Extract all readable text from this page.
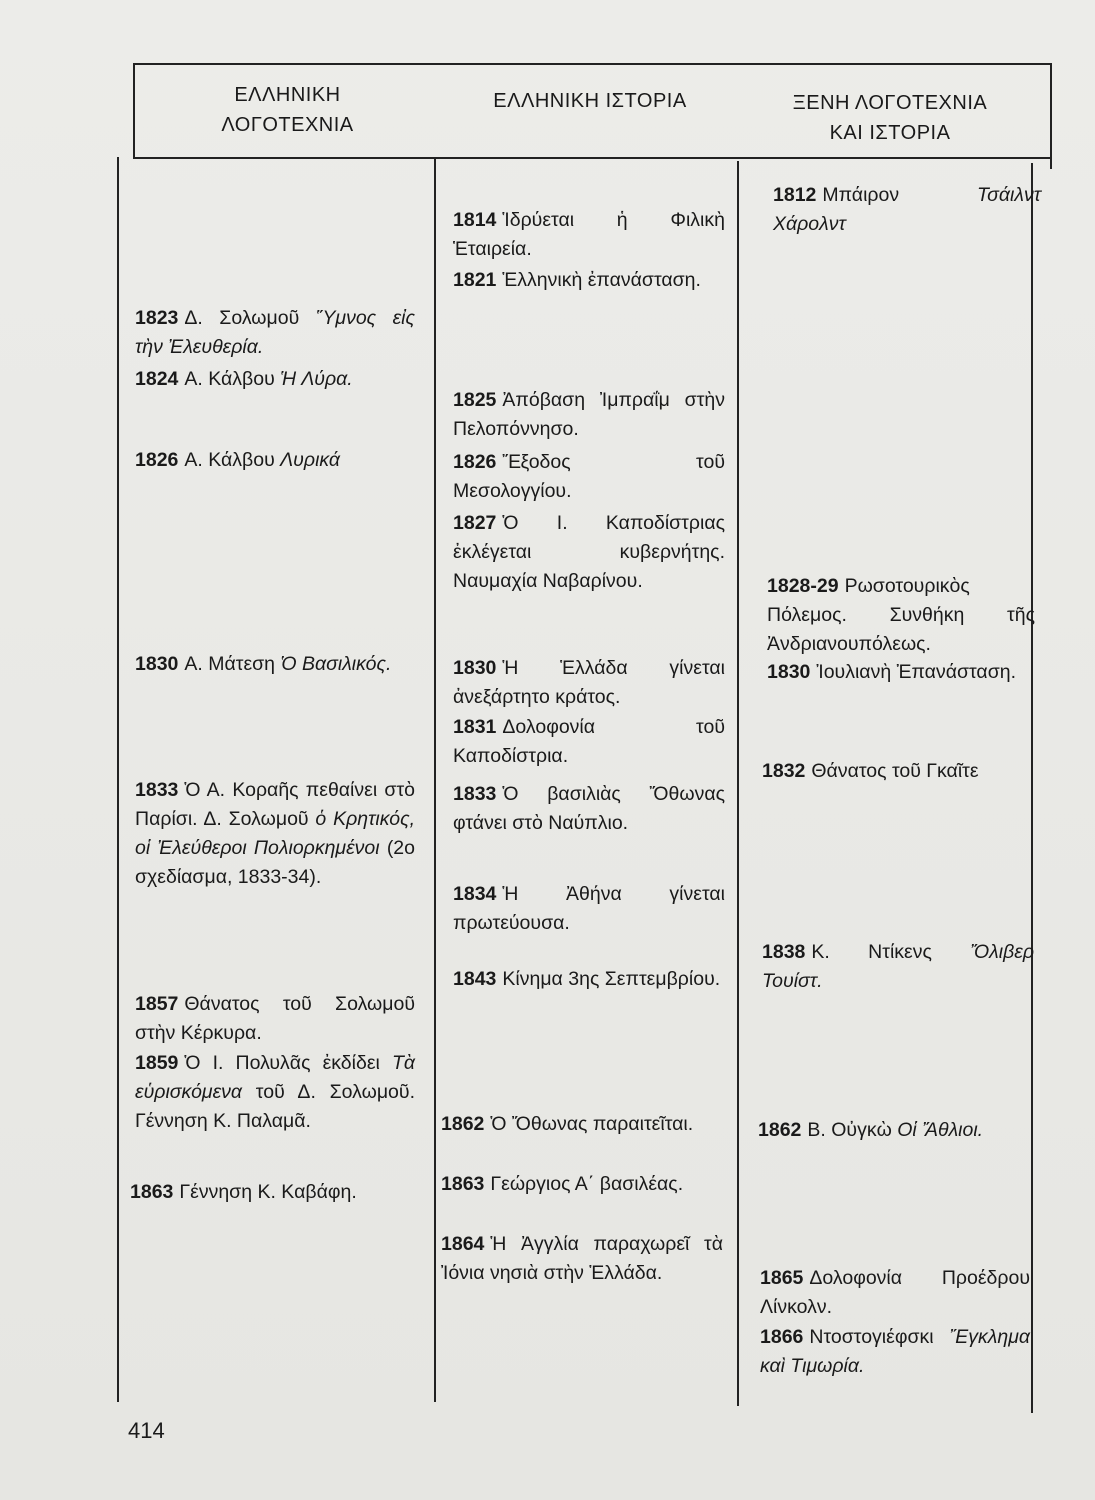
ΕΛΛΗΝΙΚΗ
ΛΟΓΟΤΕΧΝΙΑ
ΕΛΛΗΝΙΚΗ ΙΣΤΟΡΙΑ	ΞΕΝΗ ΛΟΓΟΤΕΧΝΙΑ
ΚΑΙ ΙΣΤΟΡΙΑ
1823 Δ. Σολωμοῦ Ὕμνος εἰς τὴν Ἐλευθερία.
1824 Α. Κάλβου Ἡ Λύρα.
1826 Α. Κάλβου Λυρικά
1830 Α. Μάτεση Ὁ Βασιλικός.
1833 Ὁ Α. Κοραῆς πεθαίνει στὸ Παρίσι. Δ. Σολωμοῦ ὁ Κρητικός, οἱ Ἐλεύθεροι Πολιορκημένοι (2ο σχεδίασμα, 1833-34).
1857 Θάνατος τοῦ Σολωμοῦ στὴν Κέρκυρα.
1859 Ὁ Ι. Πολυλᾶς ἐκδίδει Τὰ εὑρισκόμενα τοῦ Δ. Σολωμοῦ. Γέννηση Κ. Παλαμᾶ.
1863 Γέννηση Κ. Καβάφη.
1814 Ἱδρύεται ἡ Φιλικὴ Ἑταιρεία.
1821 Ἑλληνικὴ ἐπανάσταση.
1825 Ἀπόβαση Ἰμπραΐμ στὴν Πελοπόννησο.
1826 Ἔξοδος τοῦ Μεσολογγίου.
1827 Ὁ Ι. Καποδίστριας ἐκλέγεται κυβερνήτης. Ναυμαχία Ναβαρίνου.
1830 Ἡ Ἑλλάδα γίνεται ἀνεξάρτητο κράτος.
1831 Δολοφονία τοῦ Καποδίστρια.
1833 Ὁ βασιλιὰς Ὄθωνας φτάνει στὸ Ναύπλιο.
1834 Ἡ Ἀθήνα γίνεται πρωτεύουσα.
1843 Κίνημα 3ης Σεπτεμβρίου.
1862 Ὁ Ὄθωνας παραιτεῖται.
1863 Γεώργιος Α΄ βασιλέας.
1864 Ἡ Ἀγγλία παραχωρεῖ τὰ Ἰόνια νησιὰ στὴν Ἑλλάδα.
1812 Μπάιρον Τσάιλντ Χάρολντ
1828-29 Ρωσοτουρικὸς Πόλεμος. Συνθήκη τῆς Ἀνδριανουπόλεως.
1830 Ἰουλιανὴ Ἐπανάσταση.
1832 Θάνατος τοῦ Γκαῖτε
1838 Κ. Ντίκενς Ὄλιβερ Τουίστ.
1862 Β. Οὐγκὼ Οἱ Ἄθλιοι.
1865 Δολοφονία Προέδρου Λίνκολν.
1866 Ντοστογιέφσκι Ἔγκλημα καὶ Τιμωρία.
414
